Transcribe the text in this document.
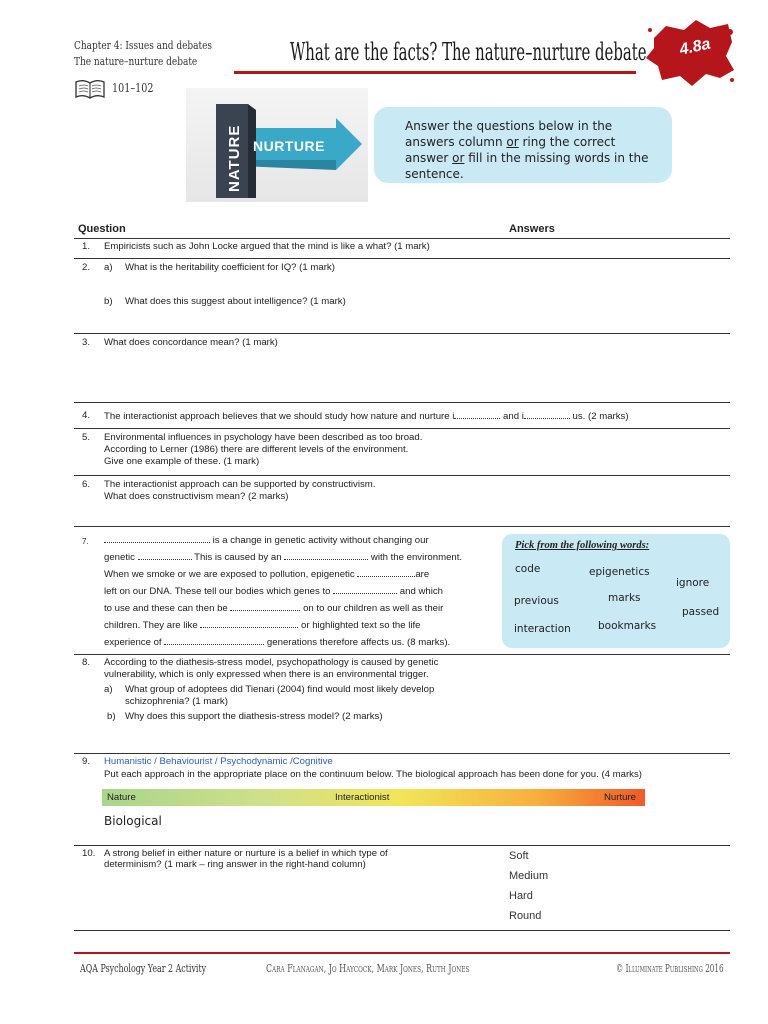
Chapter 4: Issues and debates
The nature–nurture debate
101–102
What are the facts? The nature–nurture debate 4.8a
NURTURE
NATURE	Answer the questions below in the answers column or ring the correct answer or fill in the missing words in the sentence.
Question	Answers
1. Empiricists such as John Locke argued that the mind is like a what? (1 mark)
2. a) What is the heritability coefficient for IQ? (1 mark)
b) What does this suggest about intelligence? (1 mark)
3. What does concordance mean? (1 mark)
4. The interactionist approach believes that we should study how nature and nurture i	and i	us. (2 marks)
5. Environmental influences in psychology have been described as too broad.
According to Lerner (1986) there are different levels of the environment.
Give one example of these. (1 mark)
6. The interactionist approach can be supported by constructivism.
What does constructivism mean? (2 marks)
7.	is a change in genetic activity without changing our
genetic	This is caused by an	with the environment.
When we smoke or we are exposed to pollution, epigenetic	are
left on our DNA. These tell our bodies which genes to	and which
to use and these can then be	on to our children as well as their
children. They are like	or highlighted text so the life
experience of	generations therefore affects us. (8 marks).
Pick from the following words:
code	epigenetics
ignore
previous	marks
passed
interaction	bookmarks
8. According to the diathesis-stress model, psychopathology is caused by genetic
vulnerability, which is only expressed when there is an environmental trigger.
a) What group of adoptees did Tienari (2004) find would most likely develop
schizophrenia? (1 mark)
b) Why does this support the diathesis-stress model? (2 marks)
9. Humanistic / Behaviourist / Psychodynamic /Cognitive
Put each approach in the appropriate place on the continuum below. The biological approach has been done for you. (4 marks)
Nature	Interactionist	Nurture
Biological
10. A strong belief in either nature or nurture is a belief in which type of
determinism? (1 mark – ring answer in the right-hand column)
Soft
Medium
Hard
Round
AQA Psychology Year 2 Activity	Cara Flanagan, Jo Haycock, Mark Jones, Ruth Jones	© Illuminate Publishing 2016
